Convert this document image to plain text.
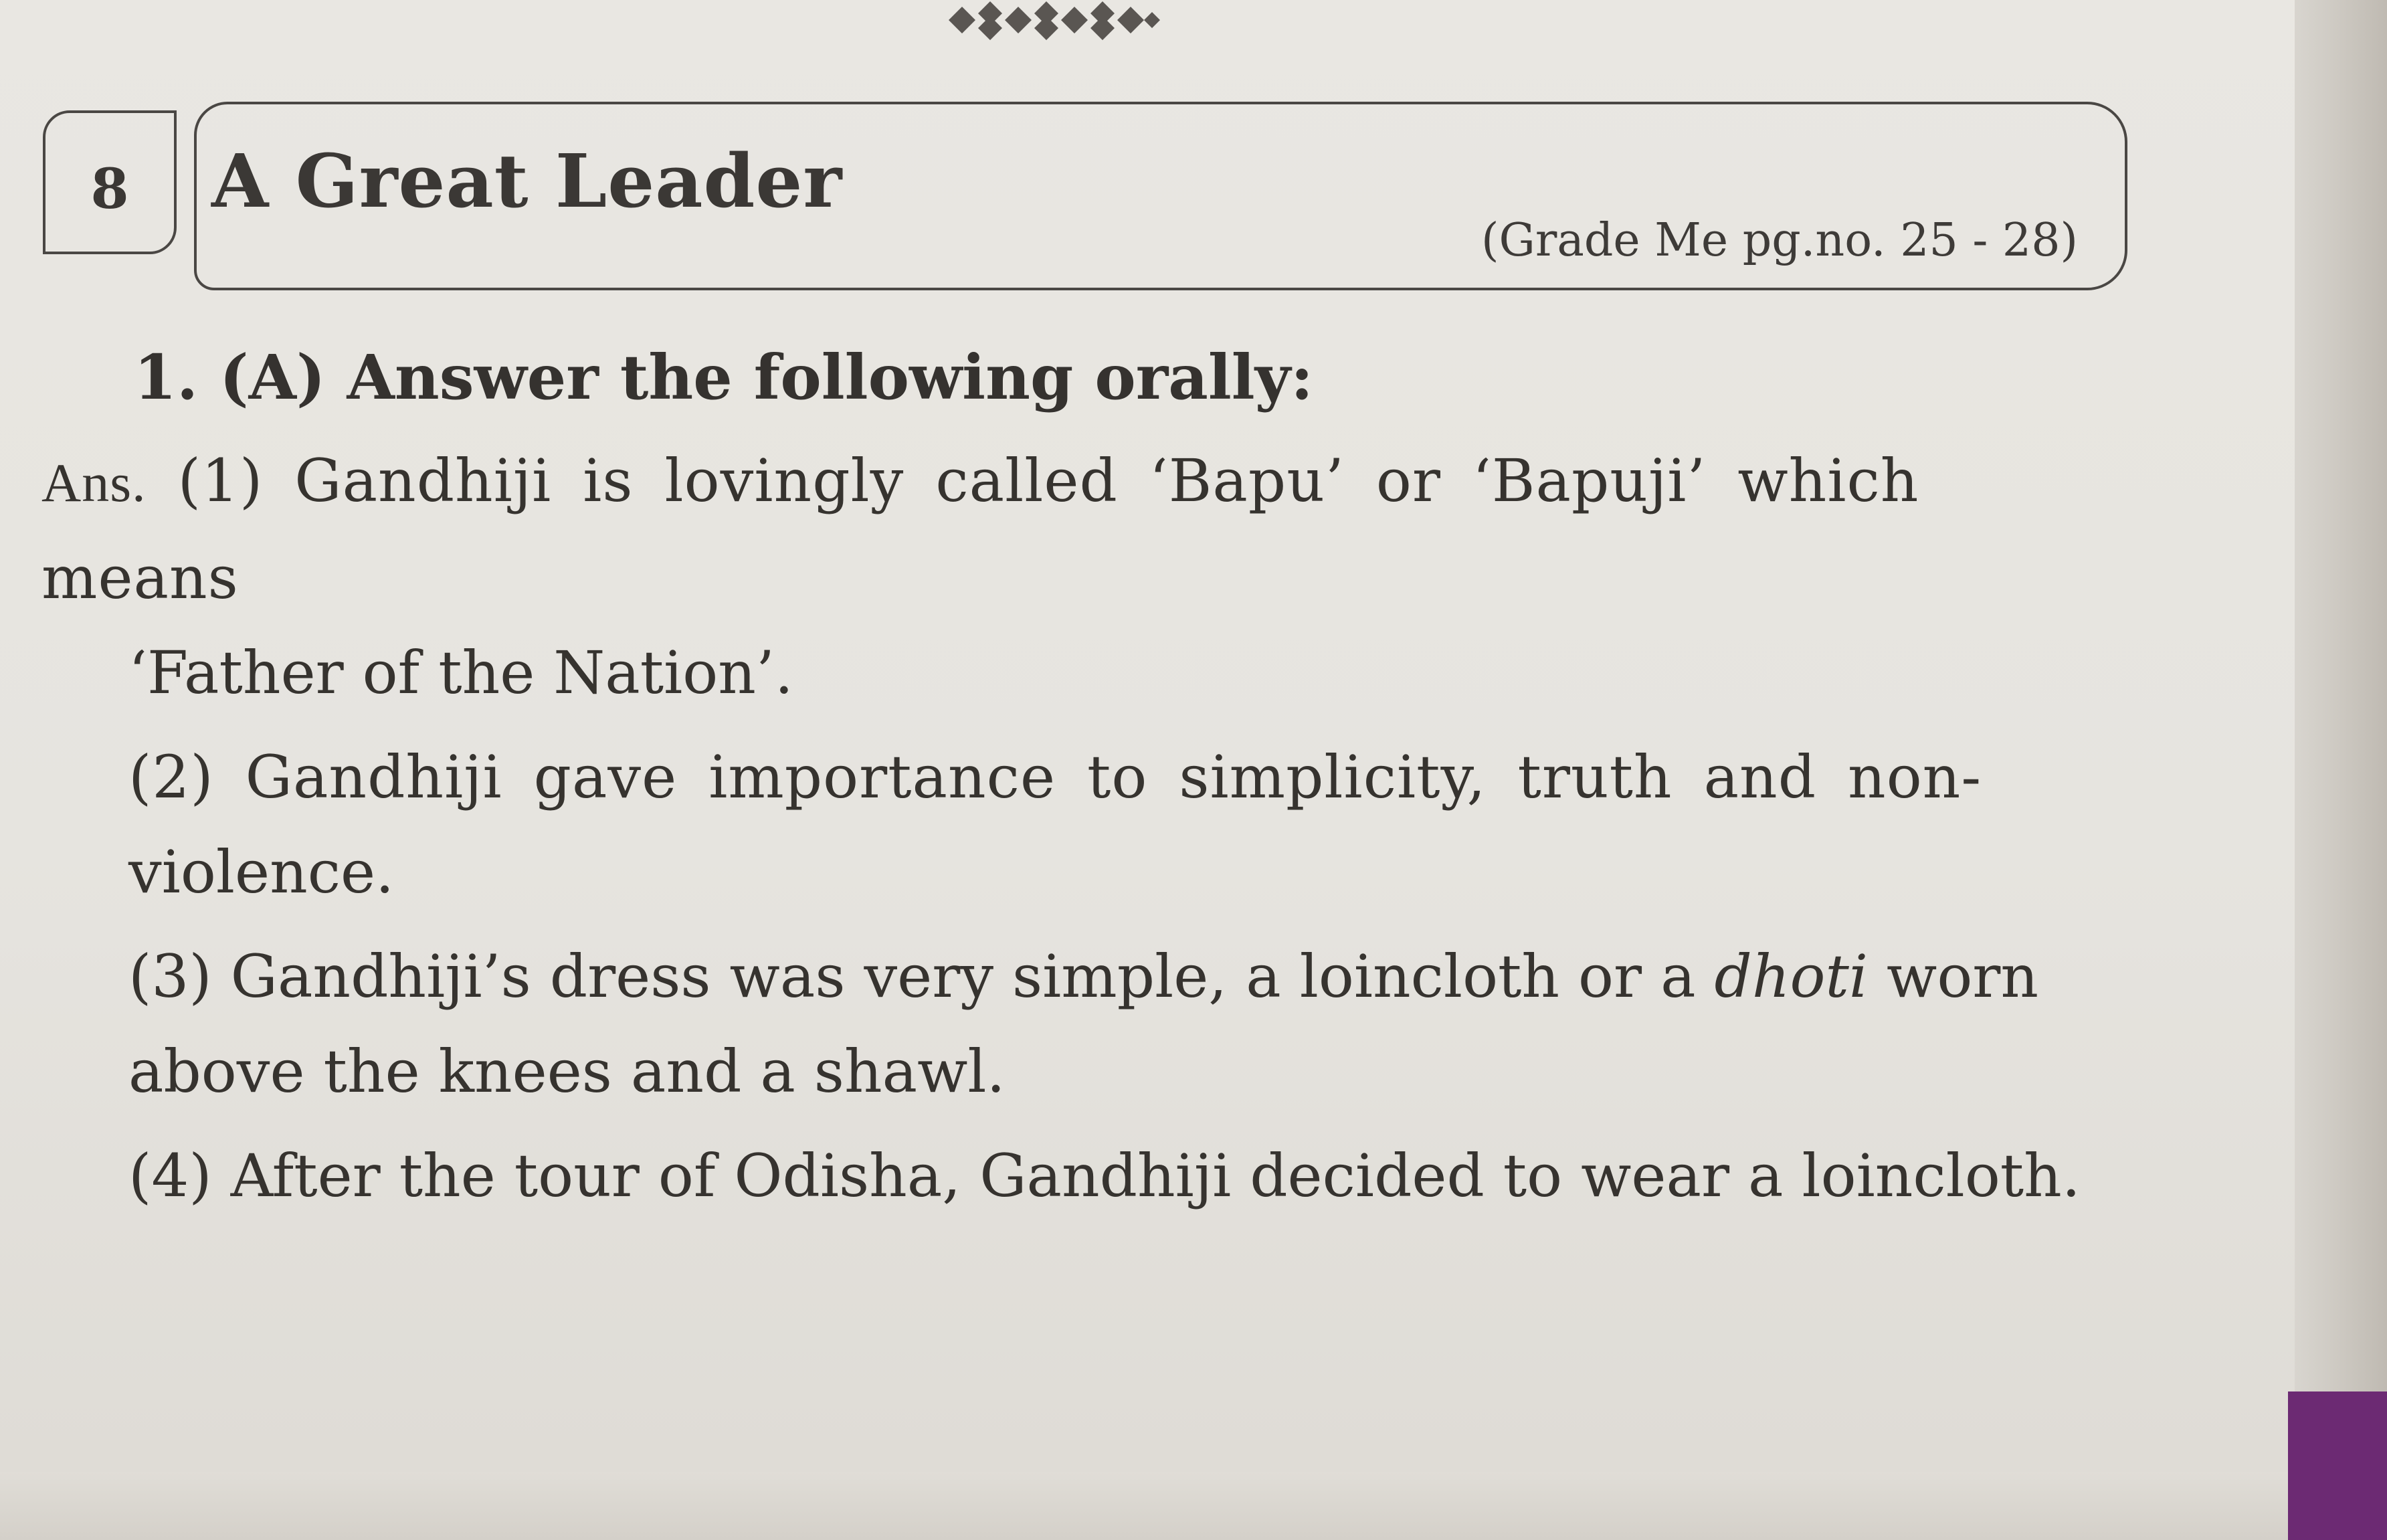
8	A Great Leader
(Grade Me pg.no. 25 - 28)
1. (A) Answer the following orally:

Ans. (1) Gandhiji is lovingly called ‘Bapu’ or ‘Bapuji’ which means

‘Father of the Nation’.

(2) Gandhiji gave importance to simplicity, truth and non-

violence.

(3) Gandhiji’s dress was very simple, a loincloth or a dhoti worn

above the knees and a shawl.

(4) After the tour of Odisha, Gandhiji decided to wear a loincloth.
